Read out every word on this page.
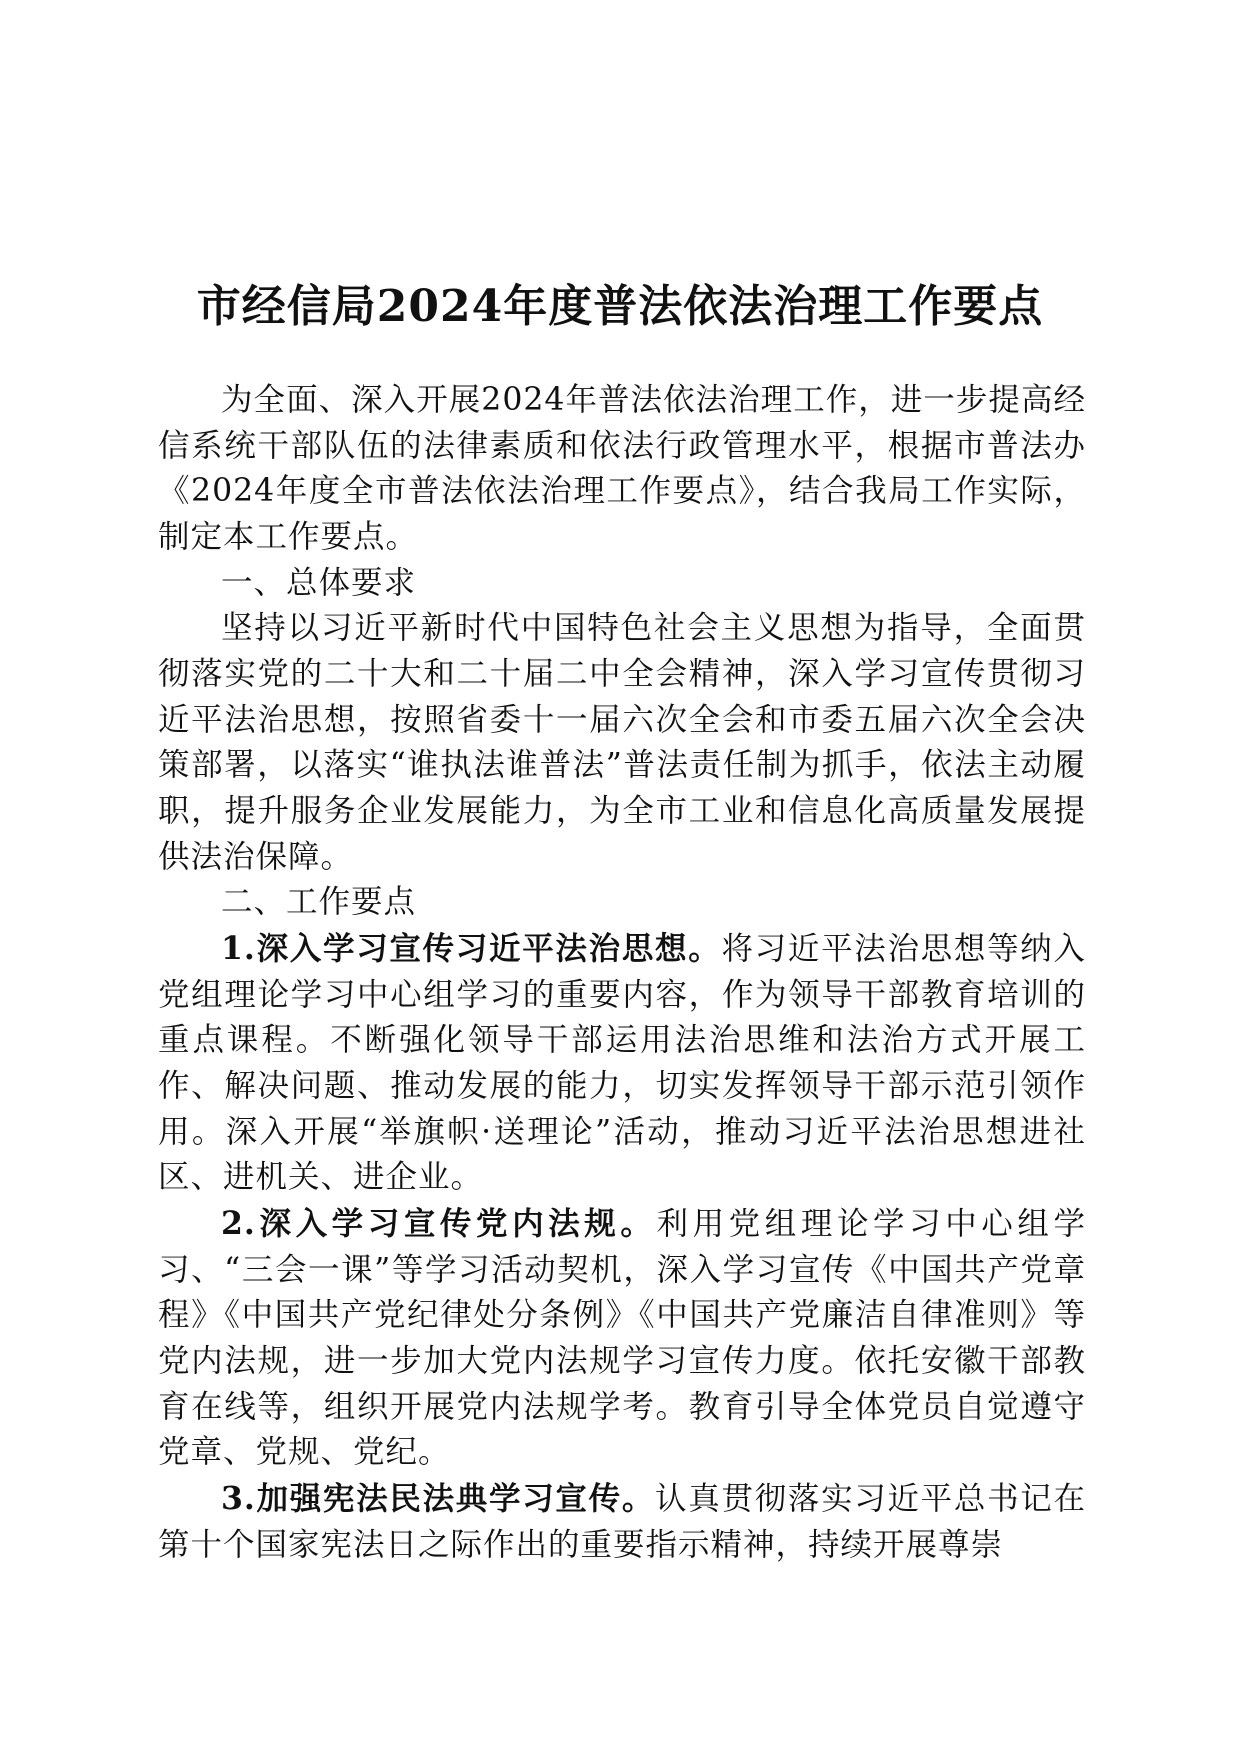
市经信局2024年度普法依法治理工作要点

为全面、深入开展2024年普法依法治理工作，进一步提高经信系统干部队伍的法律素质和依法行政管理水平，根据市普法办《2024年度全市普法依法治理工作要点》，结合我局工作实际，制定本工作要点。

一、总体要求

坚持以习近平新时代中国特色社会主义思想为指导，全面贯彻落实党的二十大和二十届二中全会精神，深入学习宣传贯彻习近平法治思想，按照省委十一届六次全会和市委五届六次全会决策部署，以落实“谁执法谁普法”普法责任制为抓手，依法主动履职，提升服务企业发展能力，为全市工业和信息化高质量发展提供法治保障。

二、工作要点

1.深入学习宣传习近平法治思想。将习近平法治思想等纳入党组理论学习中心组学习的重要内容，作为领导干部教育培训的重点课程。不断强化领导干部运用法治思维和法治方式开展工作、解决问题、推动发展的能力，切实发挥领导干部示范引领作用。深入开展“举旗帜·送理论”活动，推动习近平法治思想进社区、进机关、进企业。

2.深入学习宣传党内法规。利用党组理论学习中心组学习、“三会一课”等学习活动契机，深入学习宣传《中国共产党章程》《中国共产党纪律处分条例》《中国共产党廉洁自律准则》等党内法规，进一步加大党内法规学习宣传力度。依托安徽干部教育在线等，组织开展党内法规学考。教育引导全体党员自觉遵守党章、党规、党纪。

3.加强宪法民法典学习宣传。认真贯彻落实习近平总书记在第十个国家宪法日之际作出的重要指示精神，持续开展尊崇
